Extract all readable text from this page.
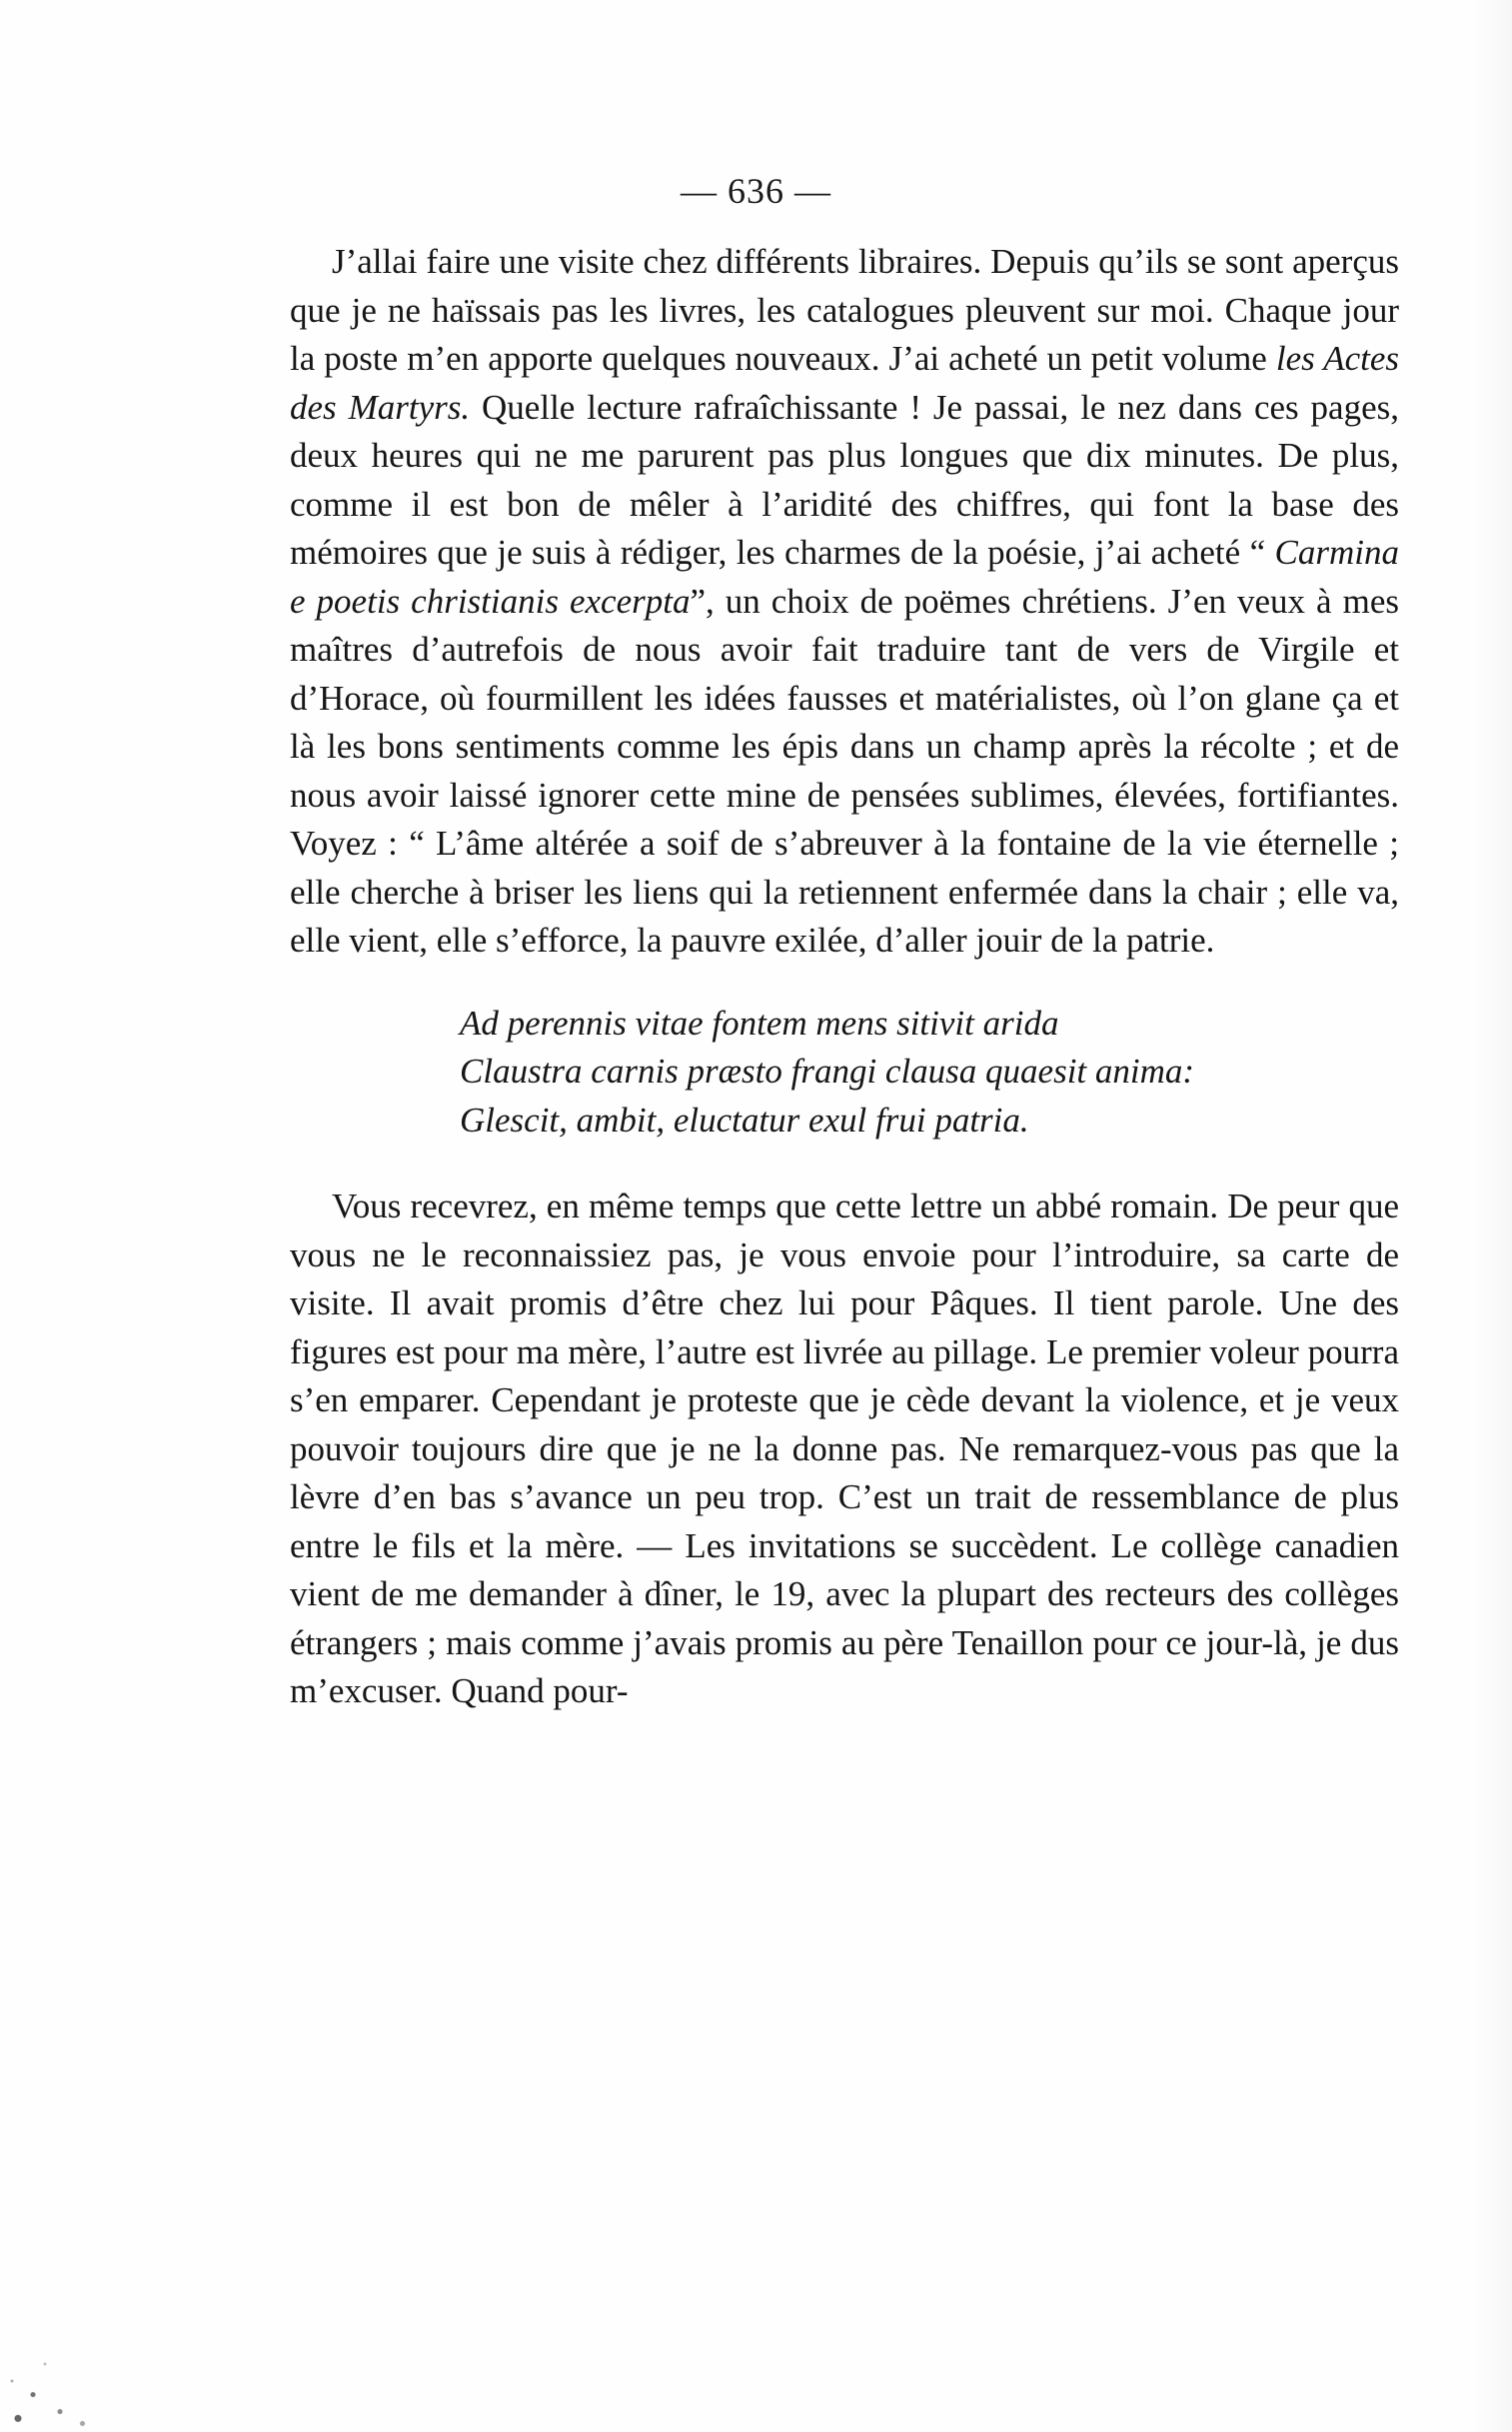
— 636 —

J’allai faire une visite chez différents libraires. Depuis qu’ils se sont aperçus que je ne haïssais pas les livres, les catalogues pleuvent sur moi. Chaque jour la poste m’en apporte quelques nouveaux. J’ai acheté un petit volume les Actes des Martyrs. Quelle lecture rafraîchissante ! Je passai, le nez dans ces pages, deux heures qui ne me parurent pas plus longues que dix minutes. De plus, comme il est bon de mêler à l’aridité des chiffres, qui font la base des mémoires que je suis à rédiger, les charmes de la poésie, j’ai acheté “ Carmina e poetis christianis excerpta”, un choix de poëmes chrétiens. J’en veux à mes maîtres d’autrefois de nous avoir fait traduire tant de vers de Virgile et d’Horace, où fourmillent les idées fausses et matérialistes, où l’on glane ça et là les bons sentiments comme les épis dans un champ après la récolte ; et de nous avoir laissé ignorer cette mine de pensées sublimes, élevées, fortifiantes. Voyez : “ L’âme altérée a soif de s’abreuver à la fontaine de la vie éternelle ; elle cherche à briser les liens qui la retiennent enfermée dans la chair ; elle va, elle vient, elle s’efforce, la pauvre exilée, d’aller jouir de la patrie.

Ad perennis vitae fontem mens sitivit arida
Claustra carnis præsto frangi clausa quaesit anima:
Glescit, ambit, eluctatur exul frui patria.

Vous recevrez, en même temps que cette lettre un abbé romain. De peur que vous ne le reconnaissiez pas, je vous envoie pour l’introduire, sa carte de visite. Il avait promis d’être chez lui pour Pâques. Il tient parole. Une des figures est pour ma mère, l’autre est livrée au pillage. Le premier voleur pourra s’en emparer. Cependant je proteste que je cède devant la violence, et je veux pouvoir toujours dire que je ne la donne pas. Ne remarquez-vous pas que la lèvre d’en bas s’avance un peu trop. C’est un trait de ressemblance de plus entre le fils et la mère. — Les invitations se succèdent. Le collège canadien vient de me demander à dîner, le 19, avec la plupart des recteurs des collèges étrangers ; mais comme j’avais promis au père Tenaillon pour ce jour-là, je dus m’excuser. Quand pour-
